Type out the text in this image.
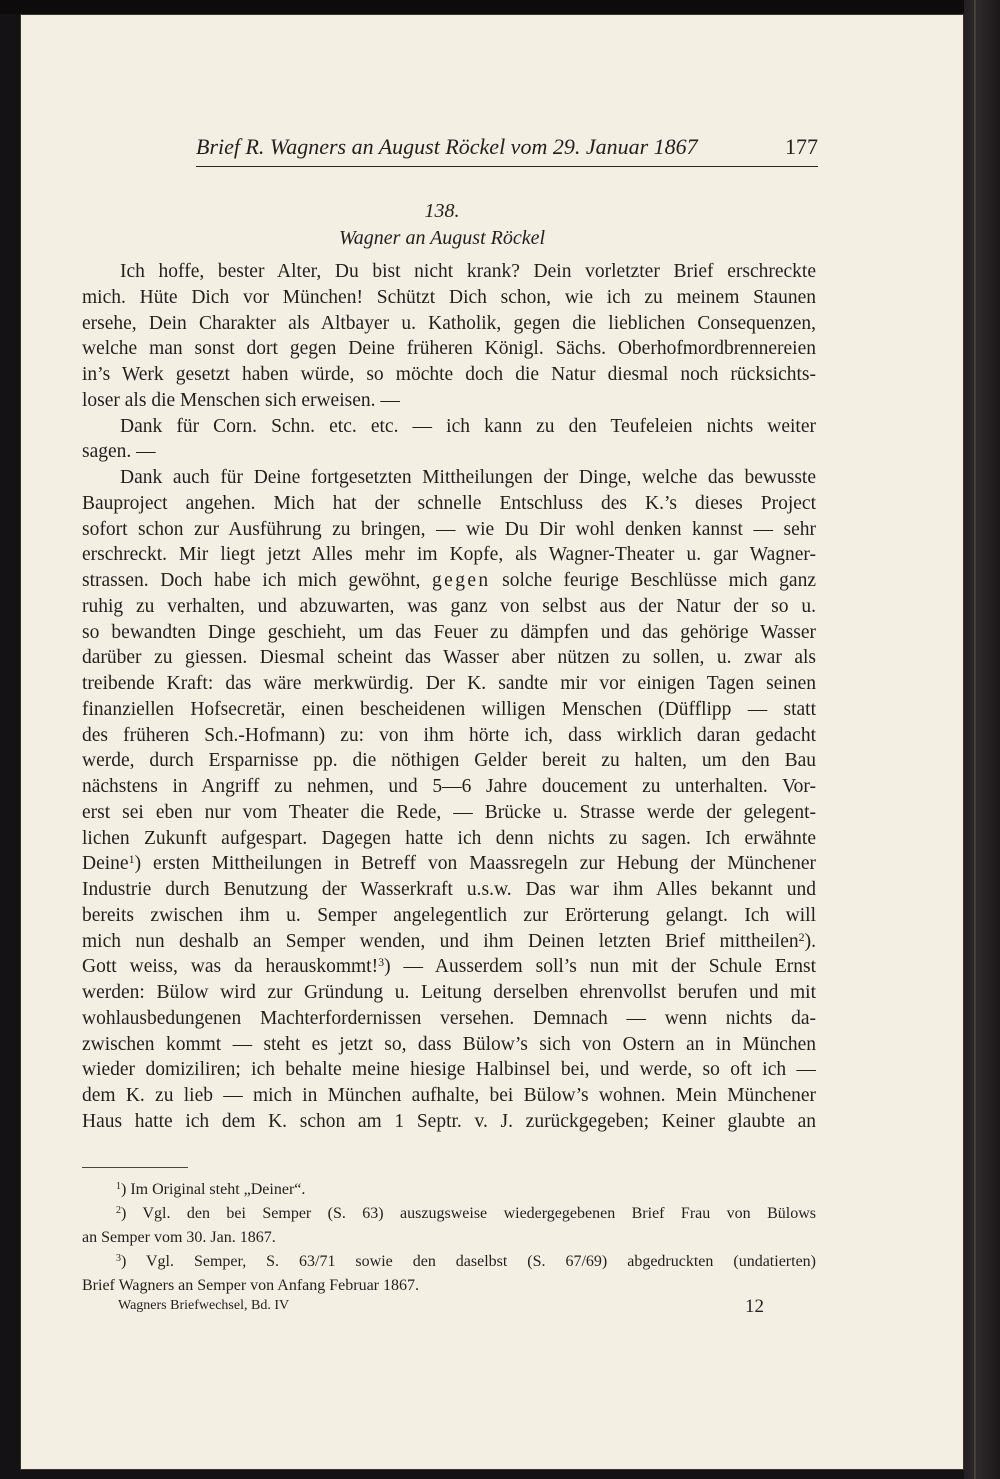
Brief R. Wagners an August Röckel vom 29. Januar 1867	177
138.
Wagner an August Röckel
Ich hoffe, bester Alter, Du bist nicht krank? Dein vorletzter Brief erschreckte
mich. Hüte Dich vor München! Schützt Dich schon, wie ich zu meinem Staunen
ersehe, Dein Charakter als Altbayer u. Katholik, gegen die lieblichen Consequenzen,
welche man sonst dort gegen Deine früheren Königl. Sächs. Oberhofmordbrennereien
in’s Werk gesetzt haben würde, so möchte doch die Natur diesmal noch rücksichts-
loser als die Menschen sich erweisen. —
Dank für Corn. Schn. etc. etc. — ich kann zu den Teufeleien nichts weiter
sagen. —
Dank auch für Deine fortgesetzten Mittheilungen der Dinge, welche das bewusste
Bauproject angehen. Mich hat der schnelle Entschluss des K.’s dieses Project
sofort schon zur Ausführung zu bringen, — wie Du Dir wohl denken kannst — sehr
erschreckt. Mir liegt jetzt Alles mehr im Kopfe, als Wagner-Theater u. gar Wagner-
strassen. Doch habe ich mich gewöhnt, gegen solche feurige Beschlüsse mich ganz
ruhig zu verhalten, und abzuwarten, was ganz von selbst aus der Natur der so u.
so bewandten Dinge geschieht, um das Feuer zu dämpfen und das gehörige Wasser
darüber zu giessen. Diesmal scheint das Wasser aber nützen zu sollen, u. zwar als
treibende Kraft: das wäre merkwürdig. Der K. sandte mir vor einigen Tagen seinen
finanziellen Hofsecretär, einen bescheidenen willigen Menschen (Düfflipp — statt
des früheren Sch.-Hofmann) zu: von ihm hörte ich, dass wirklich daran gedacht
werde, durch Ersparnisse pp. die nöthigen Gelder bereit zu halten, um den Bau
nächstens in Angriff zu nehmen, und 5—6 Jahre doucement zu unterhalten. Vor-
erst sei eben nur vom Theater die Rede, — Brücke u. Strasse werde der gelegent-
lichen Zukunft aufgespart. Dagegen hatte ich denn nichts zu sagen. Ich erwähnte
Deine$^1$) ersten Mittheilungen in Betreff von Maassregeln zur Hebung der Münchener
Industrie durch Benutzung der Wasserkraft u.s.w. Das war ihm Alles bekannt und
bereits zwischen ihm u. Semper angelegentlich zur Erörterung gelangt. Ich will
mich nun deshalb an Semper wenden, und ihm Deinen letzten Brief mittheilen$^2$).
Gott weiss, was da herauskommt!$^3$) — Ausserdem soll’s nun mit der Schule Ernst
werden: Bülow wird zur Gründung u. Leitung derselben ehrenvollst berufen und mit
wohlausbedungenen Machterfordernissen versehen. Demnach — wenn nichts da-
zwischen kommt — steht es jetzt so, dass Bülow’s sich von Ostern an in München
wieder domiziliren; ich behalte meine hiesige Halbinsel bei, und werde, so oft ich —
dem K. zu lieb — mich in München aufhalte, bei Bülow’s wohnen. Mein Münchener
Haus hatte ich dem K. schon am 1 Septr. v. J. zurückgegeben; Keiner glaubte an
$^1$) Im Original steht „Deiner“.
$^2$) Vgl. den bei Semper (S. 63) auszugsweise wiedergegebenen Brief Frau von Bülows
an Semper vom 30. Jan. 1867.
$^3$) Vgl. Semper, S. 63/71 sowie den daselbst (S. 67/69) abgedruckten (undatierten)
Brief Wagners an Semper von Anfang Februar 1867.
Wagners Briefwechsel, Bd. IV	12
